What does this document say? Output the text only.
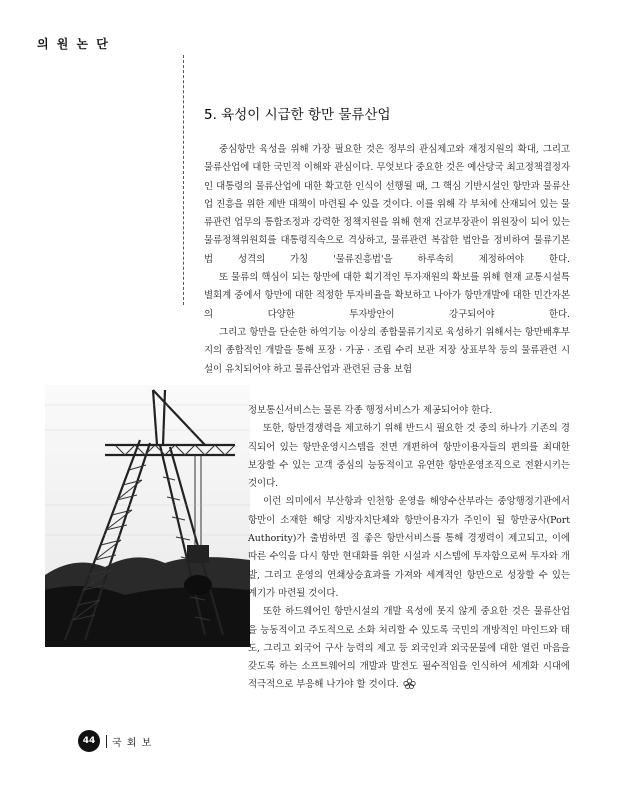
의 원 논 단
5. 육성이 시급한 항만 물류산업

중심항만 육성을 위해 가장 필요한 것은 정부의 관심제고와 재정지원의 확대, 그리고 물류산업에 대한 국민적 이해와 관심이다. 무엇보다 중요한 것은 예산당국 최고정책결정자인 대통령의 물류산업에 대한 확고한 인식이 선행될 때, 그 핵심 기반시설인 항만과 물류산업 진흥을 위한 제반 대책이 마련될 수 있을 것이다. 이를 위해 각 부처에 산재되어 있는 물류관련 업무의 통합조정과 강력한 정책지원을 위해 현재 건교부장관이 위원장이 되어 있는 물류정책위원회를 대통령직속으로 격상하고, 물류관련 복잡한 법안을 정비하여 물류기본법 성격의 가칭 '물류진흥법'을 하루속히 제정하여야 한다.

또 물류의 핵심이 되는 항만에 대한 획기적인 투자재원의 확보를 위해 현재 교통시설특별회계 중에서 항만에 대한 적정한 투자비율을 확보하고 나아가 항만개발에 대한 민간자본의 다양한 투자방안이 강구되어야 한다.

그리고 항만을 단순한 하역기능 이상의 종합물류기지로 육성하기 위해서는 항만배후부지의 종합적인 개발을 통해 포장 · 가공 · 조립 수리 보관 저장 상표부착 등의 물류관련 시설이 유치되어야 하고 물류산업과 관련된 금융 보험

정보통신서비스는 물론 각종 행정서비스가 제공되어야 한다.

또한, 항만경쟁력을 제고하기 위해 반드시 필요한 것 중의 하나가 기존의 경직되어 있는 항만운영시스템을 전면 개편하여 항만이용자들의 편의를 최대한 보장할 수 있는 고객 중심의 능동적이고 유연한 항만운영조직으로 전환시키는 것이다.

이런 의미에서 부산항과 인천항 운영을 해양수산부라는 중앙행정기관에서 항만이 소재한 해당 지방자치단체와 항만이용자가 주인이 될 항만공사(Port Authority)가 출범하면 질 좋은 항만서비스를 통해 경쟁력이 제고되고, 이에 따른 수익을 다시 항만 현대화를 위한 시설과 시스템에 투자함으로써 투자와 개발, 그리고 운영의 연쇄상승효과를 가져와 세계적인 항만으로 성장할 수 있는 계기가 마련될 것이다.

또한 하드웨어인 항만시설의 개발 육성에 못지 않게 중요한 것은 물류산업을 능동적이고 주도적으로 소화 처리할 수 있도록 국민의 개방적인 마인드와 태도, 그리고 외국어 구사 능력의 제고 등 외국인과 외국문물에 대한 열린 마음을 갖도록 하는 소프트웨어의 개발과 발전도 필수적임을 인식하여 세계화 시대에 적극적으로 부응해 나가야 할 것이다.

44	국 회 보
